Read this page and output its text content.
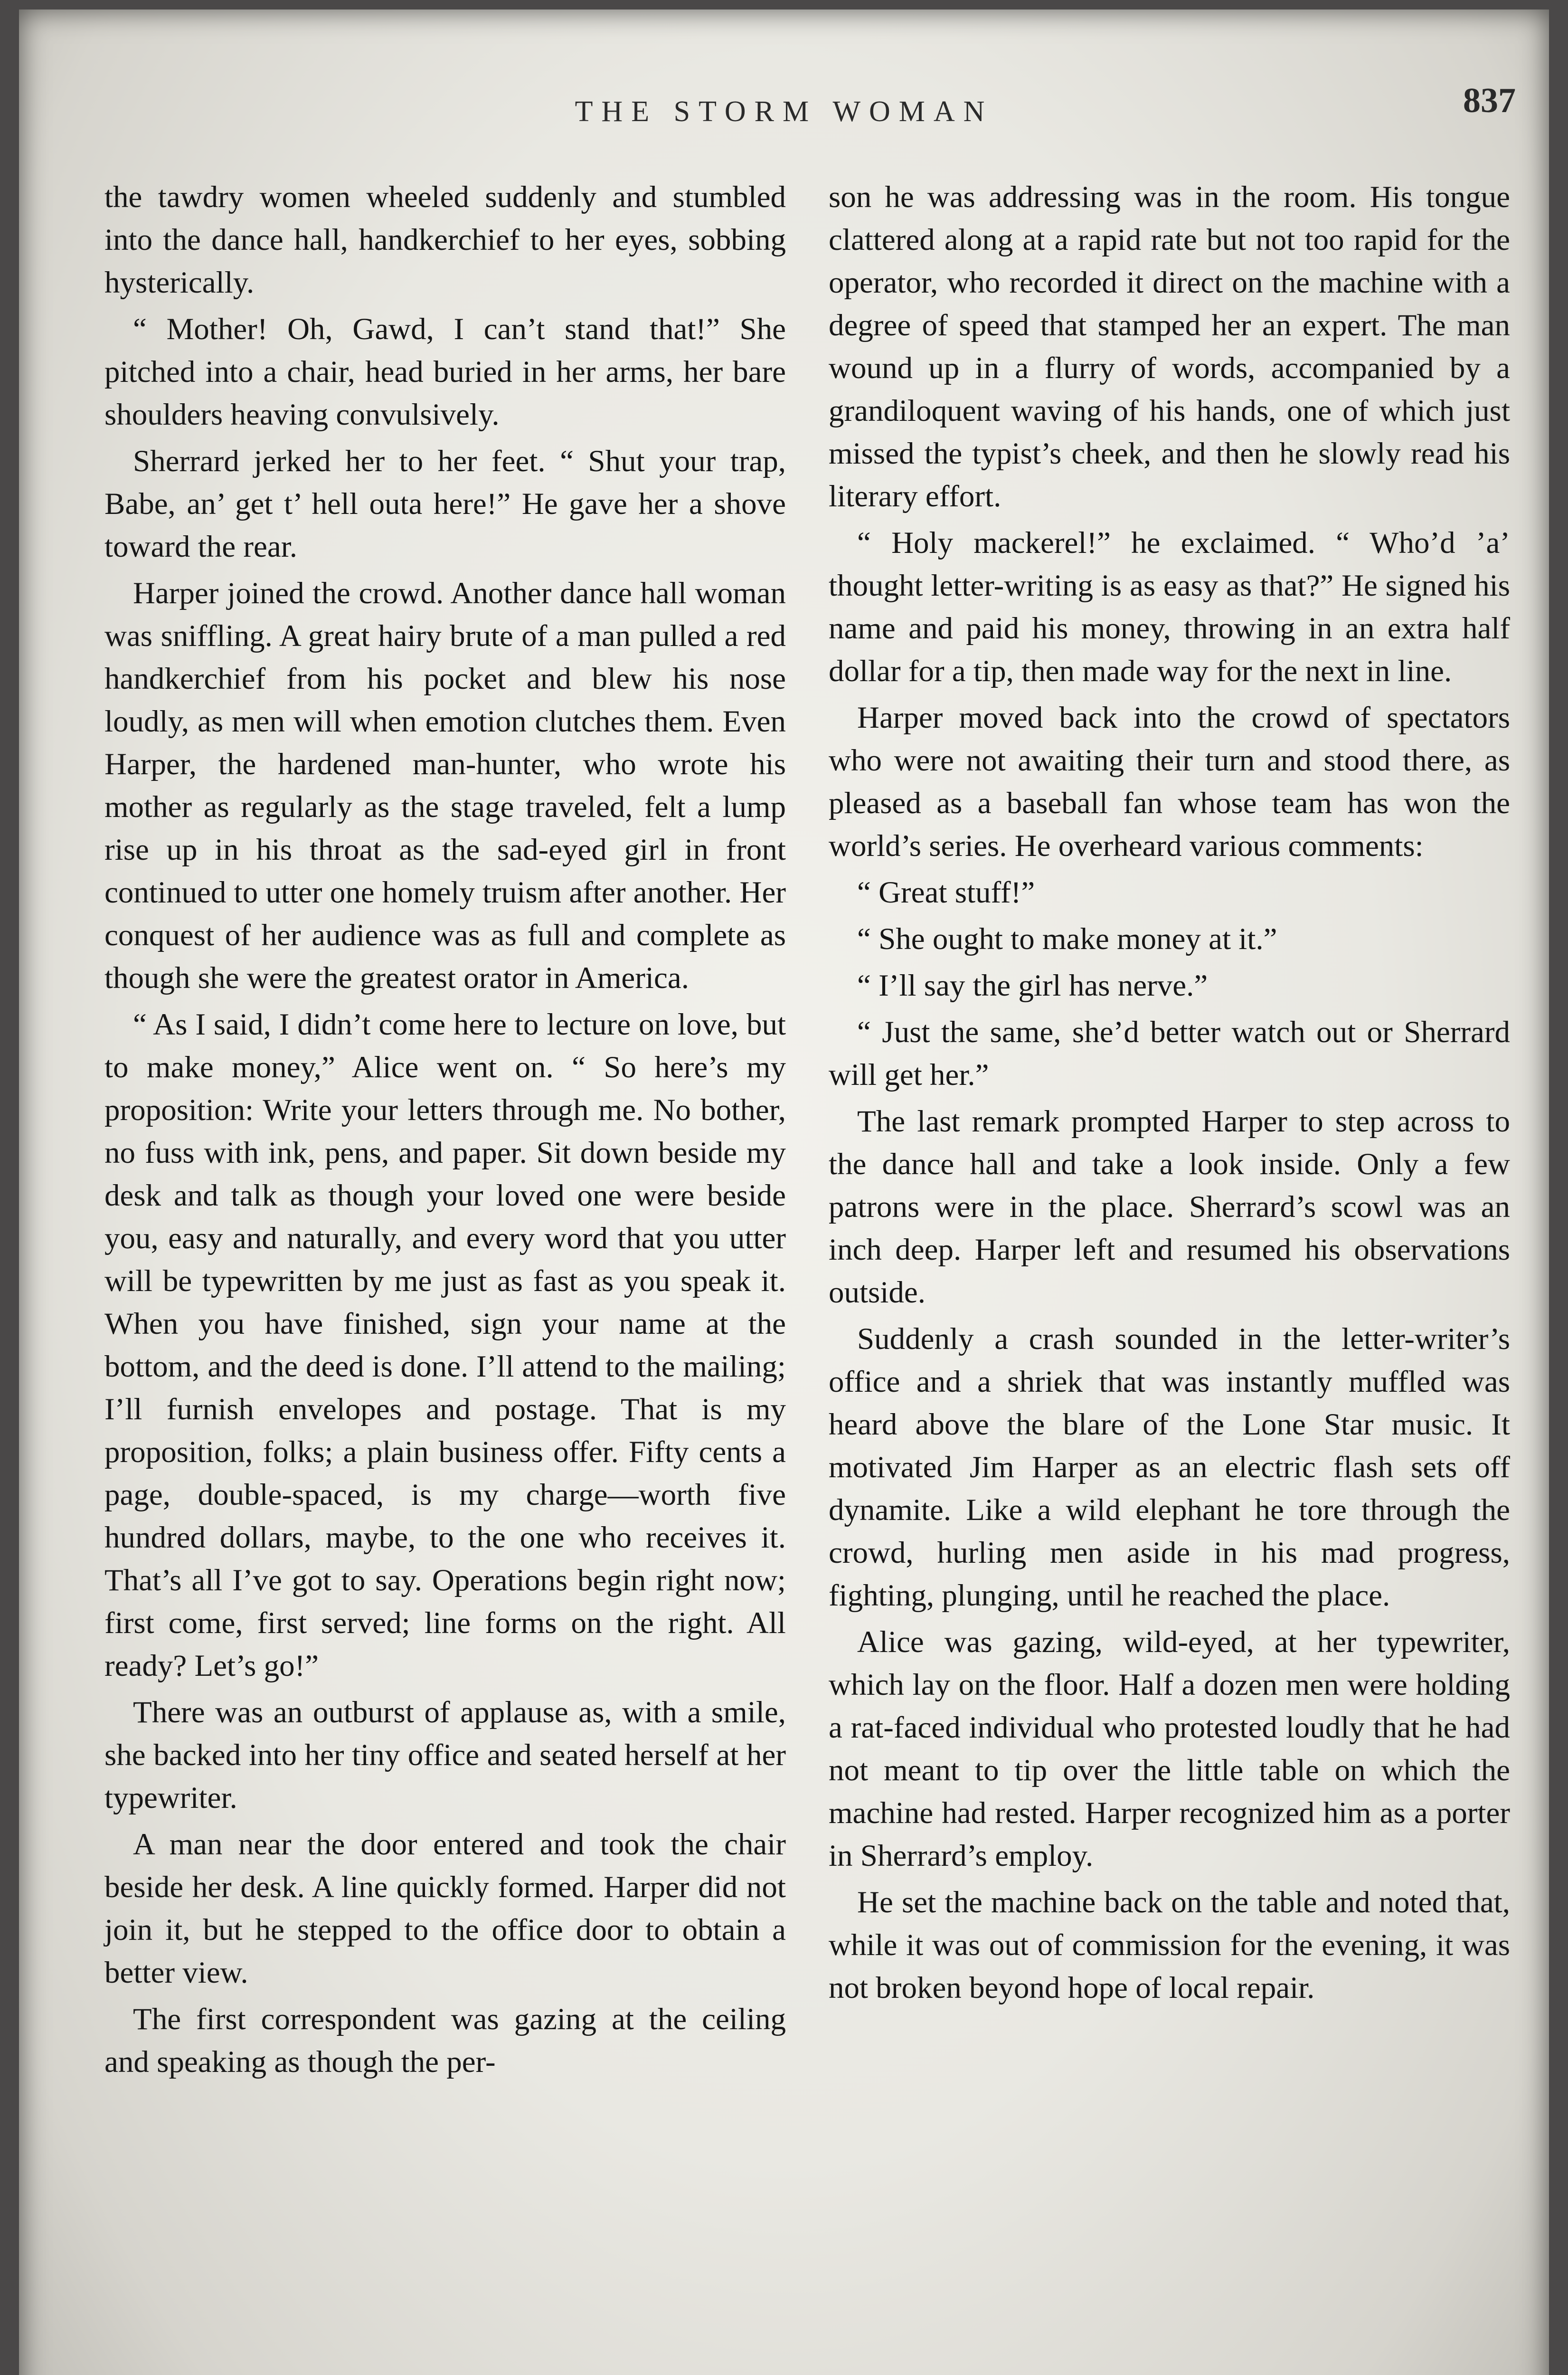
THE STORM WOMAN	837

the tawdry women wheeled suddenly and stumbled into the dance hall, handkerchief to her eyes, sobbing hysterically.

“ Mother! Oh, Gawd, I can’t stand that!” She pitched into a chair, head buried in her arms, her bare shoulders heaving convulsively.

Sherrard jerked her to her feet. “ Shut your trap, Babe, an’ get t’ hell outa here!” He gave her a shove toward the rear.

Harper joined the crowd. Another dance hall woman was sniffling. A great hairy brute of a man pulled a red handkerchief from his pocket and blew his nose loudly, as men will when emotion clutches them. Even Harper, the hardened man-hunter, who wrote his mother as regularly as the stage traveled, felt a lump rise up in his throat as the sad-eyed girl in front continued to utter one homely truism after another. Her conquest of her audience was as full and complete as though she were the greatest orator in America.

“ As I said, I didn’t come here to lecture on love, but to make money,” Alice went on. “ So here’s my proposition: Write your letters through me. No bother, no fuss with ink, pens, and paper. Sit down beside my desk and talk as though your loved one were beside you, easy and naturally, and every word that you utter will be typewritten by me just as fast as you speak it. When you have finished, sign your name at the bottom, and the deed is done. I’ll attend to the mailing; I’ll furnish envelopes and postage. That is my proposition, folks; a plain business offer. Fifty cents a page, double-spaced, is my charge—worth five hundred dollars, maybe, to the one who receives it. That’s all I’ve got to say. Operations begin right now; first come, first served; line forms on the right. All ready? Let’s go!”

There was an outburst of applause as, with a smile, she backed into her tiny office and seated herself at her typewriter.

A man near the door entered and took the chair beside her desk. A line quickly formed. Harper did not join it, but he stepped to the office door to obtain a better view.

The first correspondent was gazing at the ceiling and speaking as though the per-

son he was addressing was in the room. His tongue clattered along at a rapid rate but not too rapid for the operator, who recorded it direct on the machine with a degree of speed that stamped her an expert. The man wound up in a flurry of words, accompanied by a grandiloquent waving of his hands, one of which just missed the typist’s cheek, and then he slowly read his literary effort.

“ Holy mackerel!” he exclaimed. “ Who’d ’a’ thought letter-writing is as easy as that?” He signed his name and paid his money, throwing in an extra half dollar for a tip, then made way for the next in line.

Harper moved back into the crowd of spectators who were not awaiting their turn and stood there, as pleased as a baseball fan whose team has won the world’s series. He overheard various comments:

“ Great stuff!”

“ She ought to make money at it.”

“ I’ll say the girl has nerve.”

“ Just the same, she’d better watch out or Sherrard will get her.”

The last remark prompted Harper to step across to the dance hall and take a look inside. Only a few patrons were in the place. Sherrard’s scowl was an inch deep. Harper left and resumed his observations outside.

Suddenly a crash sounded in the letter-writer’s office and a shriek that was instantly muffled was heard above the blare of the Lone Star music. It motivated Jim Harper as an electric flash sets off dynamite. Like a wild elephant he tore through the crowd, hurling men aside in his mad progress, fighting, plunging, until he reached the place.

Alice was gazing, wild-eyed, at her typewriter, which lay on the floor. Half a dozen men were holding a rat-faced individual who protested loudly that he had not meant to tip over the little table on which the machine had rested. Harper recognized him as a porter in Sherrard’s employ.

He set the machine back on the table and noted that, while it was out of commission for the evening, it was not broken beyond hope of local repair.
